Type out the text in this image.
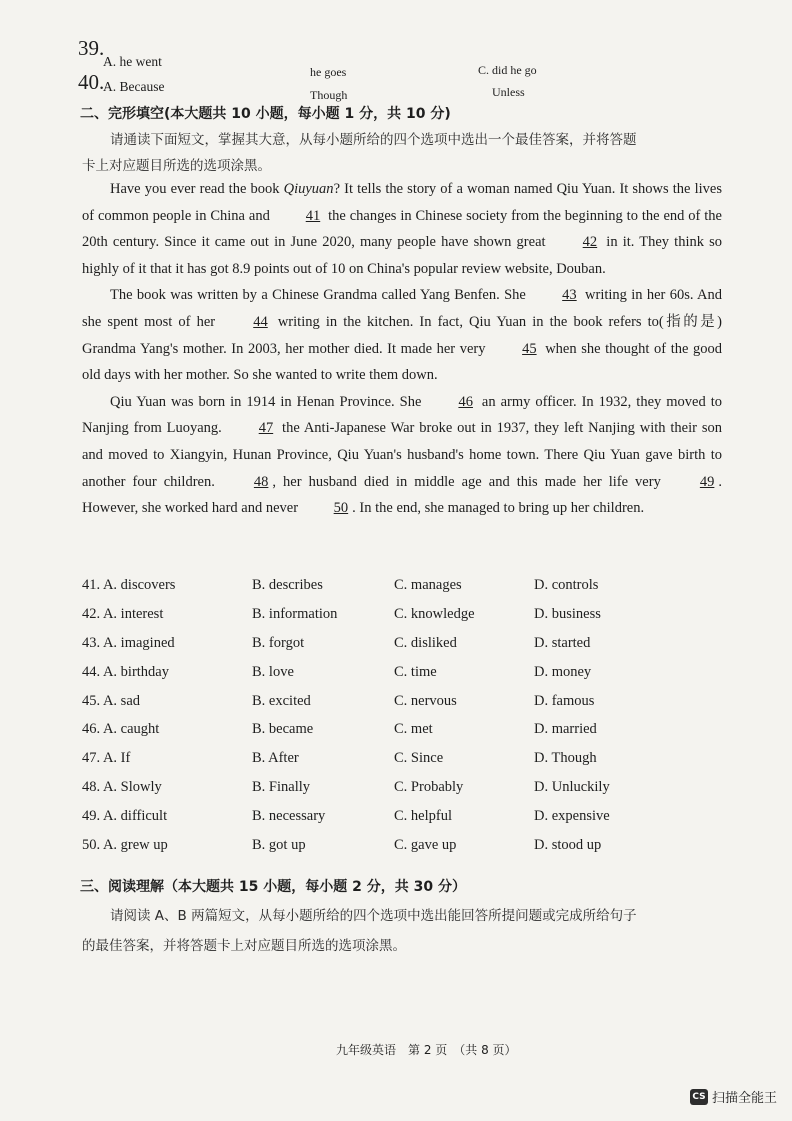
39.
A. he went
he goes	C. did he go
40.
A. Because
Though	Unless
二、完形填空(本大题共 10 小题，每小题 1 分，共 10 分)
请通读下面短文，掌握其大意，从每小题所给的四个选项中选出一个最佳答案，并将答题
卡上对应题目所选的选项涂黑。

Have you ever read the book Qiuyuan? It tells the story of a woman named Qiu Yuan. It shows the lives of common people in China and 41 the changes in Chinese society from the beginning to the end of the 20th century. Since it came out in June 2020, many people have shown great 42 in it. They think so highly of it that it has got 8.9 points out of 10 on China's popular review website, Douban.

The book was written by a Chinese Grandma called Yang Benfen. She 43 writing in her 60s. And she spent most of her 44 writing in the kitchen. In fact, Qiu Yuan in the book refers to(指的是) Grandma Yang's mother. In 2003, her mother died. It made her very 45 when she thought of the good old days with her mother. So she wanted to write them down.

Qiu Yuan was born in 1914 in Henan Province. She 46 an army officer. In 1932, they moved to Nanjing from Luoyang. 47 the Anti-Japanese War broke out in 1937, they left Nanjing with their son and moved to Xiangyin, Hunan Province, Qiu Yuan's husband's home town. There Qiu Yuan gave birth to another four children. 48 , her husband died in middle age and this made her life very 49 . However, she worked hard and never 50 . In the end, she managed to bring up her children.

41. A. discovers	B. describes	C. manages	D. controls
42. A. interest	B. information	C. knowledge	D. business
43. A. imagined	B. forgot	C. disliked	D. started
44. A. birthday	B. love	C. time	D. money
45. A. sad	B. excited	C. nervous	D. famous
46. A. caught	B. became	C. met	D. married
47. A. If	B. After	C. Since	D. Though
48. A. Slowly	B. Finally	C. Probably	D. Unluckily
49. A. difficult	B. necessary	C. helpful	D. expensive
50. A. grew up	B. got up	C. gave up	D. stood up
三、阅读理解（本大题共 15 小题，每小题 2 分，共 30 分）
请阅读 A、B 两篇短文，从每小题所给的四个选项中选出能回答所提问题或完成所给句子
的最佳答案，并将答题卡上对应题目所选的选项涂黑。
九年级英语　第 2 页　（共 8 页）
CS 扫描全能王
